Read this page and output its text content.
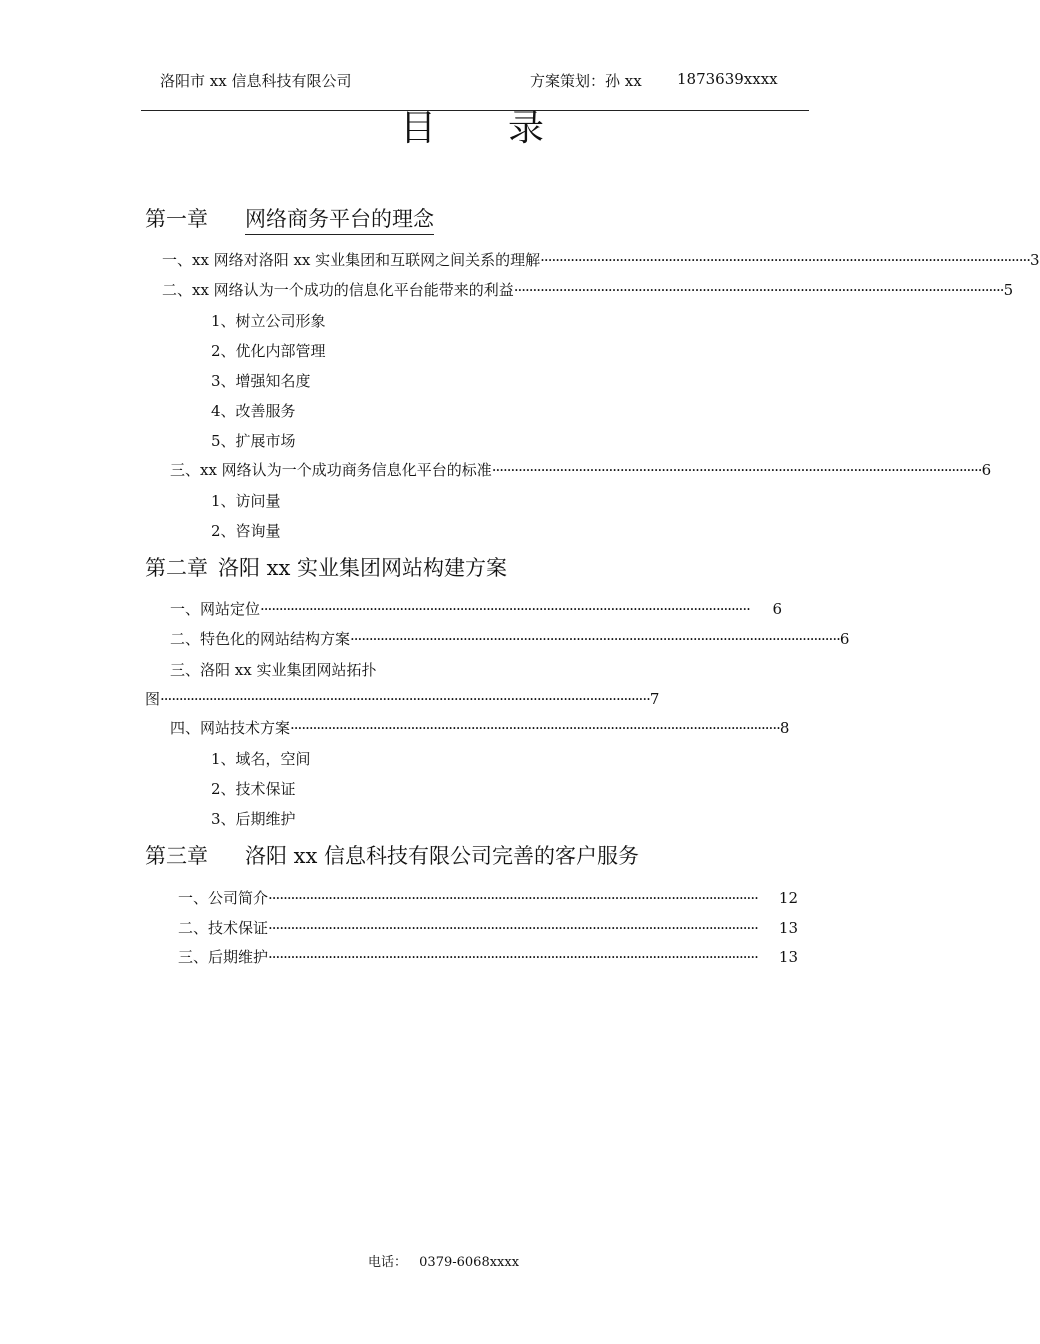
洛阳市 xx 信息科技有限公司	方案策划：孙 xx 1873639xxxx
目录
第一章 网络商务平台的理念
一、xx 网络对洛阳 xx 实业集团和互联网之间关系的理解 ·································································································································· 3
二、xx 网络认为一个成功的信息化平台能带来的利益 ·································································································································· 5
1、树立公司形象
2、优化内部管理
3、增强知名度
4、改善服务
5、扩展市场
三、xx 网络认为一个成功商务信息化平台的标准 ·································································································································· 6
1、访问量
2、咨询量
第二章 洛阳 xx 实业集团网站构建方案
一、网站定位 ··································································································································	6
二、特色化的网站结构方案 ·································································································································· 6
三、洛阳 xx 实业集团网站拓扑
图 ·································································································································· 7
四、网站技术方案 ·································································································································· 8
1、域名，空间
2、技术保证
3、后期维护
第三章 洛阳 xx 信息科技有限公司完善的客户服务
一、公司简介 ··································································································································	12
二、技术保证 ··································································································································	13
三、后期维护 ··································································································································	13
电话： 0379-6068xxxx
